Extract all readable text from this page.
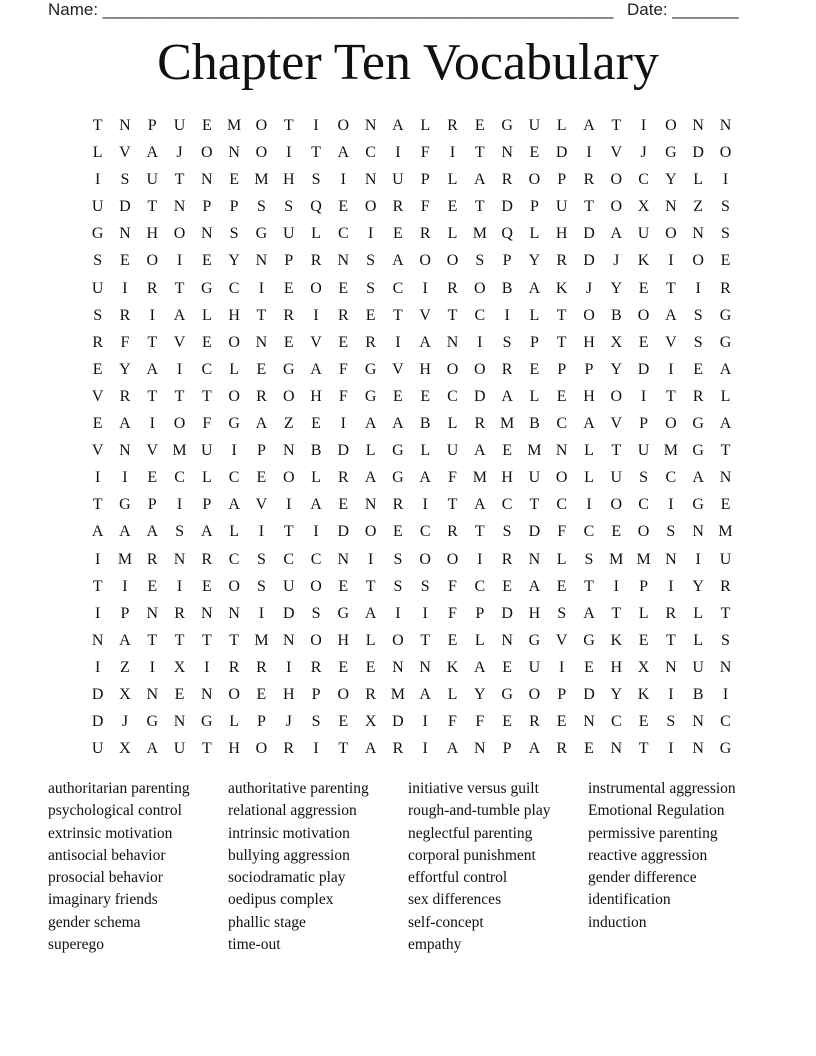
Name: ______________________________________________________ Date: _______
Chapter Ten Vocabulary
T	N	P	U	E M O	T	I	O N A	L	R	E	G U	L	A	T	I	O N N
L	V A	J	O N O	I	T	A	C	I	F	I	T	N	E	D	I	V	J	G D O
I	S	U	T	N	E M H	S	I	N U	P	L	A	R	O	P	R	O	C	Y	L	I
U D	T	N	P	P	S	S	Q	E	O	R	F	E	T	D	P	U	T	O X N	Z	S
G N H O N	S	G U	L	C	I	E	R	L M Q	L	H D A U O N	S
S	E	O	I	E	Y N	P	R	N	S	A O O	S	P	Y	R	D	J	K	I	O	E
U	I	R	T	G	C	I	E	O	E	S	C	I	R	O	B	A K	J	Y	E	T	I	R
S	R	I	A	L	H	T	R	I	R	E	T	V	T	C	I	L	T	O	B	O A	S	G
R	F	T	V	E	O N	E	V	E	R	I	A N	I	S	P	T	H X	E	V	S	G
E	Y A	I	C	L	E	G A	F	G V H O O	R	E	P	P	Y D	I	E	A
V	R	T	T	T	O	R	O H	F	G	E	E	C	D A	L	E	H O	I	T	R	L
E	A	I	O	F	G A	Z	E	I	A A	B	L	R M B	C	A V	P	O G A
V N V M U	I	P	N	B	D	L	G	L	U A	E M N	L	T	U M G	T
I	I	E	C	L	C	E	O	L	R	A G A	F M H U O	L	U	S	C	A N
T	G	P	I	P	A V	I	A	E	N	R	I	T	A	C	T	C	I	O	C	I	G	E
A A A	S	A	L	I	T	I	D O	E	C	R	T	S	D	F	C	E	O	S	N M
I	M R	N	R	C	S	C	C	N	I	S	O O	I	R	N	L	S M M N	I	U
T	I	E	I	E	O	S	U O	E	T	S	S	F	C	E	A	E	T	I	P	I	Y	R
I	P	N	R	N N	I	D	S	G A	I	I	F	P	D H	S	A	T	L	R	L	T
N A	T	T	T	T M N O H	L	O	T	E	L	N G V G K	E	T	L	S
I	Z	I	X	I	R	R	I	R	E	E	N N K A	E	U	I	E	H X N U N
D X N	E	N O	E	H	P	O	R M A	L	Y G O	P	D Y K	I	B	I
D	J	G N G	L	P	J	S	E	X D	I	F	F	E	R	E	N	C	E	S	N	C
U X A U	T	H O	R	I	T	A	R	I	A N	P	A	R	E	N	T	I	N G
authoritarian parenting	authoritative parenting	initiative versus guilt	instrumental aggression
psychological control	relational aggression	rough-and-tumble play	Emotional Regulation
extrinsic motivation	intrinsic motivation	neglectful parenting	permissive parenting
antisocial behavior	bullying aggression	corporal punishment	reactive aggression
prosocial behavior	sociodramatic play	effortful control	gender difference
imaginary friends	oedipus complex	sex differences	identification
gender schema	phallic stage	self-concept	induction
superego	time-out	empathy
